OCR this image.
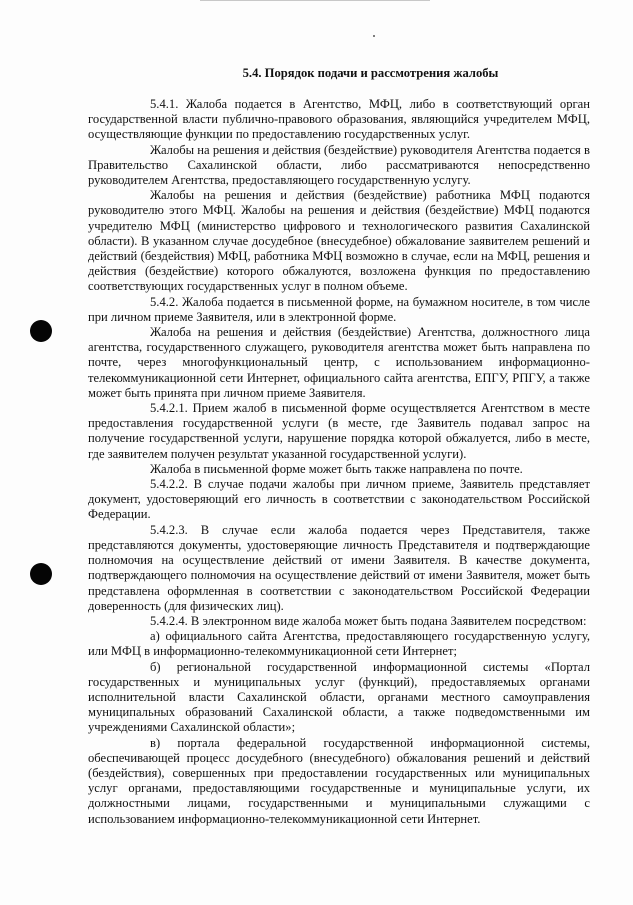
5.4. Порядок подачи и рассмотрения жалобы

5.4.1. Жалоба подается в Агентство, МФЦ, либо в соответствующий орган государственной власти публично-правового образования, являющийся учредителем МФЦ, осуществляющие функции по предоставлению государственных услуг.

Жалобы на решения и действия (бездействие) руководителя Агентства подается в Правительство Сахалинской области, либо рассматриваются непосредственно руководителем Агентства, предоставляющего государственную услугу.

Жалобы на решения и действия (бездействие) работника МФЦ подаются руководителю этого МФЦ. Жалобы на решения и действия (бездействие) МФЦ подаются учредителю МФЦ (министерство цифрового и технологического развития Сахалинской области). В указанном случае досудебное (внесудебное) обжалование заявителем решений и действий (бездействия) МФЦ, работника МФЦ возможно в случае, если на МФЦ, решения и действия (бездействие) которого обжалуются, возложена функция по предоставлению соответствующих государственных услуг в полном объеме.

5.4.2. Жалоба подается в письменной форме, на бумажном носителе, в том числе при личном приеме Заявителя, или в электронной форме.

Жалоба на решения и действия (бездействие) Агентства, должностного лица агентства, государственного служащего, руководителя агентства может быть направлена по почте, через многофункциональный центр, с использованием информационно-телекоммуникационной сети Интернет, официального сайта агентства, ЕПГУ, РПГУ, а также может быть принята при личном приеме Заявителя.

5.4.2.1. Прием жалоб в письменной форме осуществляется Агентством в месте предоставления государственной услуги (в месте, где Заявитель подавал запрос на получение государственной услуги, нарушение порядка которой обжалуется, либо в месте, где заявителем получен результат указанной государственной услуги).

Жалоба в письменной форме может быть также направлена по почте.

5.4.2.2. В случае подачи жалобы при личном приеме, Заявитель представляет документ, удостоверяющий его личность в соответствии с законодательством Российской Федерации.

5.4.2.3. В случае если жалоба подается через Представителя, также представляются документы, удостоверяющие личность Представителя и подтверждающие полномочия на осуществление действий от имени Заявителя. В качестве документа, подтверждающего полномочия на осуществление действий от имени Заявителя, может быть представлена оформленная в соответствии с законодательством Российской Федерации доверенность (для физических лиц).

5.4.2.4. В электронном виде жалоба может быть подана Заявителем посредством:

а) официального сайта Агентства, предоставляющего государственную услугу, или МФЦ в информационно-телекоммуникационной сети Интернет;

б) региональной государственной информационной системы «Портал государственных и муниципальных услуг (функций), предоставляемых органами исполнительной власти Сахалинской области, органами местного самоуправления муниципальных образований Сахалинской области, а также подведомственными им учреждениями Сахалинской области»;

в) портала федеральной государственной информационной системы, обеспечивающей процесс досудебного (внесудебного) обжалования решений и действий (бездействия), совершенных при предоставлении государственных или муниципальных услуг органами, предоставляющими государственные и муниципальные услуги, их должностными лицами, государственными и муниципальными служащими с использованием информационно-телекоммуникационной сети Интернет.
